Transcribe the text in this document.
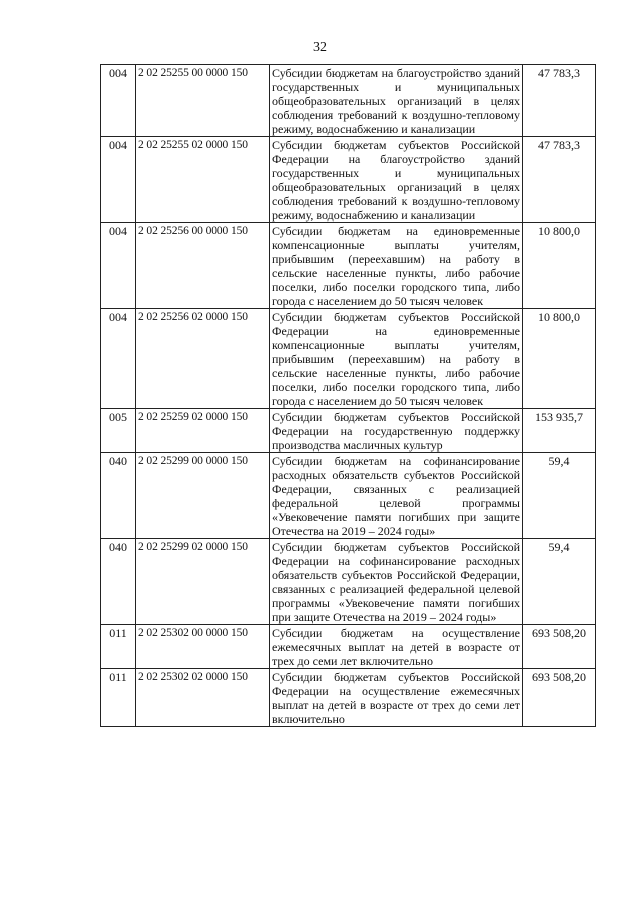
32
004	2 02 25255 00 0000 150	Субсидии бюджетам на благоустройство зданий государственных и муниципальных общеобразовательных организаций в целях соблюдения требований к воздушно-тепловому режиму, водоснабжению и канализации	47 783,3
004	2 02 25255 02 0000 150	Субсидии бюджетам субъектов Российской Федерации на благоустройство зданий государственных и муниципальных общеобразовательных организаций в целях соблюдения требований к воздушно-тепловому режиму, водоснабжению и канализации	47 783,3
004	2 02 25256 00 0000 150	Субсидии бюджетам на единовременные компенсационные выплаты учителям, прибывшим (переехавшим) на работу в сельские населенные пункты, либо рабочие поселки, либо поселки городского типа, либо города с населением до 50 тысяч человек	10 800,0
004	2 02 25256 02 0000 150	Субсидии бюджетам субъектов Российской Федерации на единовременные компенсационные выплаты учителям, прибывшим (переехавшим) на работу в сельские населенные пункты, либо рабочие поселки, либо поселки городского типа, либо города с населением до 50 тысяч человек	10 800,0
005	2 02 25259 02 0000 150	Субсидии бюджетам субъектов Российской Федерации на государственную поддержку производства масличных культур	153 935,7
040	2 02 25299 00 0000 150	Субсидии бюджетам на софинансирование расходных обязательств субъектов Российской Федерации, связанных с реализацией федеральной целевой программы «Увековечение памяти погибших при защите Отечества на 2019 – 2024 годы»	59,4
040	2 02 25299 02 0000 150	Субсидии бюджетам субъектов Российской Федерации на софинансирование расходных обязательств субъектов Российской Федерации, связанных с реализацией федеральной целевой программы «Увековечение памяти погибших при защите Отечества на 2019 – 2024 годы»	59,4
011	2 02 25302 00 0000 150	Субсидии бюджетам на осуществление ежемесячных выплат на детей в возрасте от трех до семи лет включительно	693 508,20
011	2 02 25302 02 0000 150	Субсидии бюджетам субъектов Российской Федерации на осуществление ежемесячных выплат на детей в возрасте от трех до семи лет включительно	693 508,20
